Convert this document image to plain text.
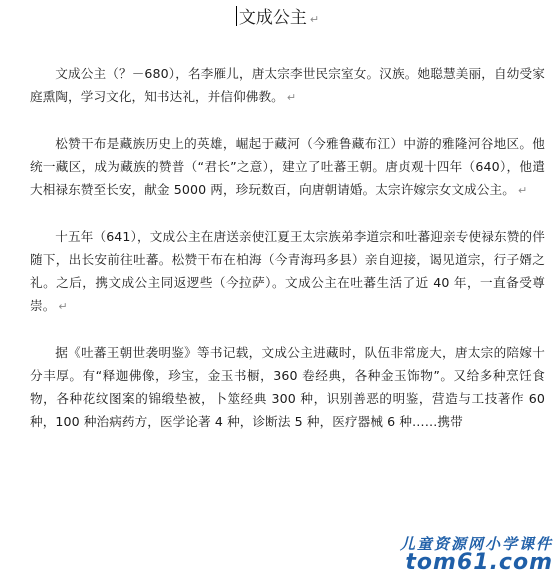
文成公主 ↵

文成公主（？－680），名李雁儿，唐太宗李世民宗室女。汉族。她聪慧美丽，自幼受家庭熏陶，学习文化，知书达礼，并信仰佛教。 ↵

松赞干布是藏族历史上的英雄，崛起于藏河（今雅鲁藏布江）中游的雅隆河谷地区。他统一藏区，成为藏族的赞普（“君长”之意），建立了吐蕃王朝。唐贞观十四年（640），他遣大相禄东赞至长安，献金 5000 两，珍玩数百，向唐朝请婚。太宗许嫁宗女文成公主。 ↵

十五年（641），文成公主在唐送亲使江夏王太宗族弟李道宗和吐蕃迎亲专使禄东赞的伴随下，出长安前往吐蕃。松赞干布在柏海（今青海玛多县）亲自迎接，谒见道宗，行子婿之礼。之后，携文成公主同返逻些（今拉萨）。文成公主在吐蕃生活了近 40 年，一直备受尊崇。 ↵

据《吐蕃王朝世袭明鉴》等书记载，文成公主进藏时，队伍非常庞大，唐太宗的陪嫁十分丰厚。有“释迦佛像，珍宝，金玉书橱，360 卷经典，各种金玉饰物”。又给多种烹饪食物，各种花纹图案的锦缎垫被，卜筮经典 300 种，识别善恶的明鉴，营造与工技著作 60 种，100 种治病药方，医学论著 4 种，诊断法 5 种，医疗器械 6 种……携带

儿童资源网小学课件
tom61.com
